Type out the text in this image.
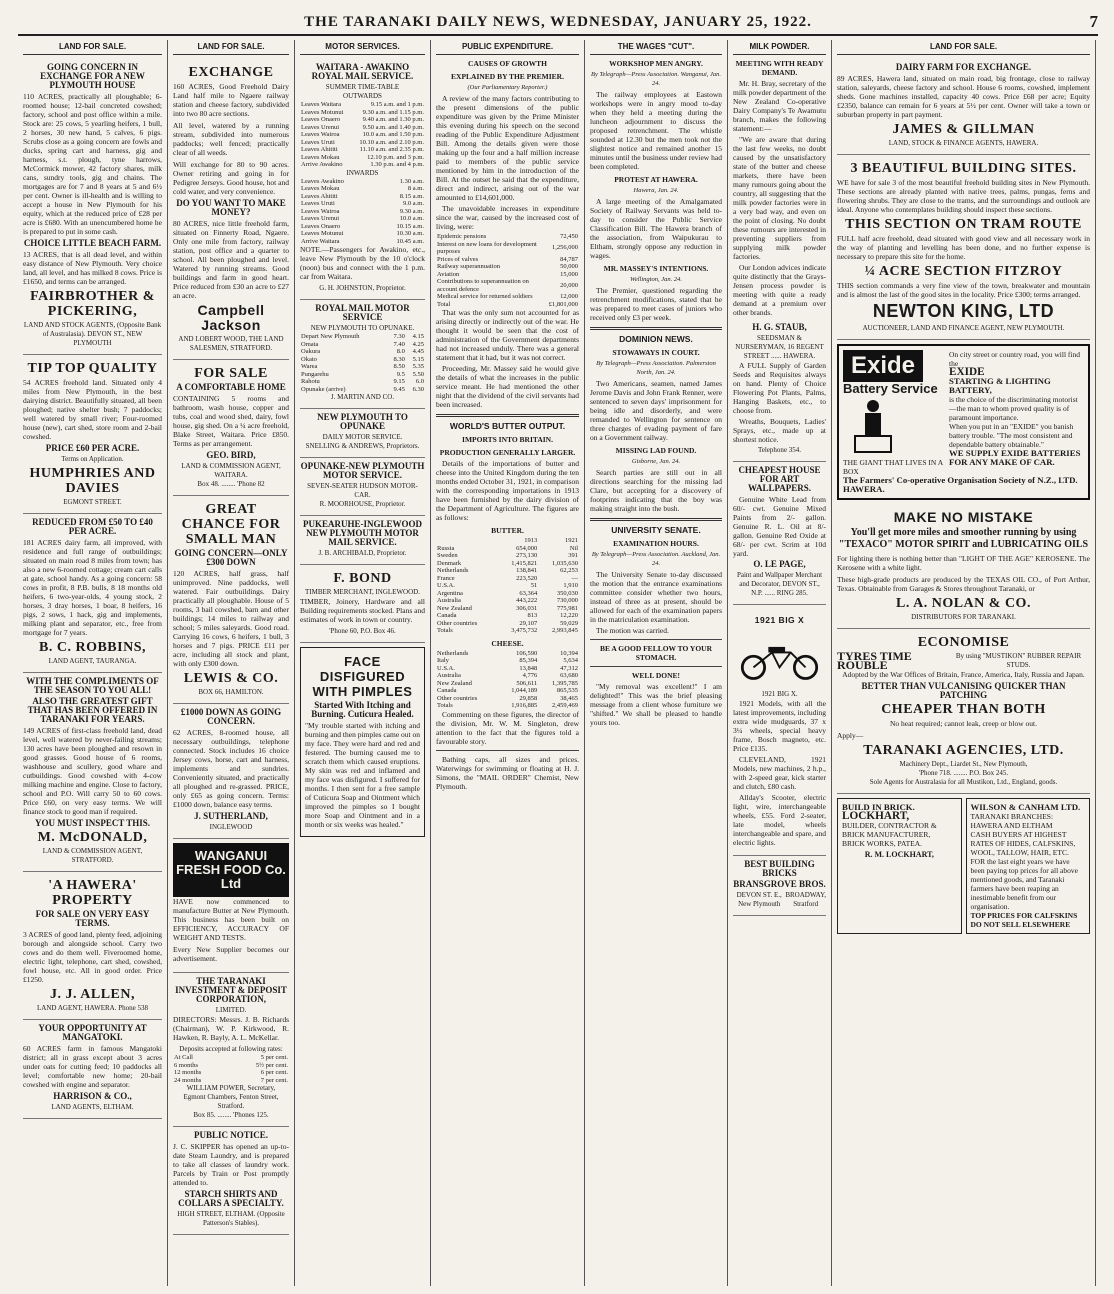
THE TARANAKI DAILY NEWS, WEDNESDAY, JANUARY 25, 1922.	7
LAND FOR SALE.
GOING CONCERN IN EXCHANGE FOR A NEW PLYMOUTH HOUSE

110 ACRES, practically all ploughable; 6-roomed house; 12-bail concreted cowshed; factory, school and post office within a mile. Stock are: 25 cows, 5 yearling heifers, 1 bull, 2 horses, 30 new hand, 5 calves, 6 pigs. Scrubs close as a going concern are fowls and ducks, spring cart and harness, gig and harness, s.t. plough, tyne harrows, McCormick mower, 42 factory shares, milk cans, sundry tools, gig and chains. The mortgages are for 7 and 8 years at 5 and 6½ per cent. Owner is ill-health and is willing to accept a house in New Plymouth for his equity, which at the reduced price of £28 per acre is £680. With an unencumbered home he is prepared to put in some cash.

CHOICE LITTLE BEACH FARM.

13 ACRES, that is all dead level, and within easy distance of New Plymouth. Very choice land, all level, and has milked 8 cows. Price is £1650, and terms can be arranged.

FAIRBROTHER & PICKERING,
LAND AND STOCK AGENTS, (Opposite Bank of Australasia). DEVON ST., NEW PLYMOUTH
TIP TOP QUALITY

54 ACRES freehold land. Situated only 4 miles from New Plymouth, in the best dairying district. Beautifully situated, all been ploughed; native shelter bush; 7 paddocks; well watered by small river; Four-roomed house (new), cart shed, store room and 2-bail cowshed.

PRICE £60 PER ACRE.
Terms on Application.
HUMPHRIES AND DAVIES
EGMONT STREET.
REDUCED FROM £50 TO £40 PER ACRE.

181 ACRES dairy farm, all improved, with residence and full range of outbuildings; situated on main road 8 miles from town; has also a new 6-roomed cottage; cream cart calls at gate, school handy. As a going concern: 58 cows in profit, 8 P.B. bulls, 8 18 months old heifers, 6 two-year-olds, 4 young stock, 2 horses, 3 dray horses, 1 boar, 8 heifers, 16 pigs, 2 sows, 1 hack, gig and implements, milking plant and separator, etc., free from mortgage for 7 years.

B. C. ROBBINS,
LAND AGENT, TAURANGA.
WITH THE COMPLIMENTS OF THE SEASON TO YOU ALL!
ALSO THE GREATEST GIFT THAT HAS BEEN OFFERED IN TARANAKI FOR YEARS.

149 ACRES of first-class freehold land, dead level, well watered by never-failing streams; 130 acres have been ploughed and resown in good grasses. Good house of 6 rooms, washhouse and scullery, good whare and cutbuildings. Good cowshed with 4-cow milking machine and engine. Close to factory, school and P.O. Will carry 50 to 60 cows. Price £60, on very easy terms. We will finance stock to good man if required.

YOU MUST INSPECT THIS.
M. McDONALD,
LAND & COMMISSION AGENT, STRATFORD.
'A HAWERA' PROPERTY
FOR SALE ON VERY EASY TERMS.

3 ACRES of good land, plenty feed, adjoining borough and alongside school. Carry two cows and do them well. Fiveroomed home, electric light, telephone, cart shed, cowshed, fowl house, etc. All in good order. Price £1250.

J. J. ALLEN,
LAND AGENT, HAWERA. Phone 538
YOUR OPPORTUNITY AT MANGATOKI.

60 ACRES farm in famous Mangatoki district; all in grass except about 3 acres under oats for cutting feed; 10 paddocks all level; comfortable new home; 20-bail cowshed with engine and separator.

HARRISON & CO.,
LAND AGENTS, ELTHAM.
LAND FOR SALE.
EXCHANGE

160 ACRES, Good Freehold Dairy Land half mile to Ngaere railway station and cheese factory, subdivided into two 80 acre sections.

All level, watered by a running stream, subdivided into numerous paddocks; well fenced; practically clear of all weeds.

Will exchange for 80 to 90 acres. Owner retiring and going in for Pedigree Jerseys. Good house, hot and cold water, and very convenience.

DO YOU WANT TO MAKE MONEY?

80 ACRES, nice little freehold farm, situated on Finnerty Road, Ngaere. Only one mile from factory, railway station, post office and a quarter to school. All been ploughed and level. Watered by running streams. Good buildings and farm in good heart. Price reduced from £30 an acre to £27 an acre.

Campbell Jackson
AND LOBERT WOOD, THE LAND SALESMEN, STRATFORD.
FOR SALE
A COMFORTABLE HOME

CONTAINING 5 rooms and bathroom, wash house, copper and tubs, coal and wood shed, dairy, fowl house, gig shed. On a ¼ acre freehold, Blake Street, Waitara. Price £850. Terms as per arrangement.

GEO. BIRD,
LAND & COMMISSION AGENT, WAITARA.
Box 48. ........ 'Phone 82
GREAT CHANCE FOR SMALL MAN
GOING CONCERN—ONLY £300 DOWN

120 ACRES, half grass, half unimproved. Nine paddocks, well watered. Fair outbuildings. Dairy practically all ploughable. House of 5 rooms, 3 bail cowshed, barn and other buildings; 14 miles to railway and school; 5 miles saleyards. Good road. Carrying 16 cows, 6 heifers, 1 bull, 3 horses and 7 pigs. PRICE £11 per acre, including all stock and plant, with only £300 down.

LEWIS & CO.
BOX 66, HAMILTON.
£1000 DOWN AS GOING CONCERN.

62 ACRES, 8-roomed house, all necessary outbuildings, telephone connected. Stock includes 16 choice Jersey cows, horse, cart and harness, implements and sundries. Conveniently situated, and practically all ploughed and re-grassed. PRICE, only £65 as going concern. Terms: £1000 down, balance easy terms.

J. SUTHERLAND,
INGLEWOOD
WANGANUI FRESH FOOD Co. Ltd

HAVE now commenced to manufacture Butter at New Plymouth. This business has been built on EFFICIENCY, ACCURACY OF WEIGHT AND TESTS.

Every New Supplier becomes our advertisement.

THE TARANAKI INVESTMENT & DEPOSIT CORPORATION,
LIMITED.

DIRECTORS: Messrs. J. B. Richards (Chairman), W. P. Kirkwood, R. Hawken, R. Bayly, A. L. McKellar.

Deposits accepted at following rates:
At Call	5 per cent.
6 months	5½ per cent.
12 months	6 per cent.
24 months	7 per cent.
WILLIAM POWER, Secretary,
Egmont Chambers, Fenton Street, Stratford.
Box 85. ........ 'Phones 125.
PUBLIC NOTICE.

J. C. SKIPPER has opened an up-to-date Steam Laundry, and is prepared to take all classes of laundry work. Parcels by Train or Post promptly attended to.

STARCH SHIRTS AND COLLARS A SPECIALTY.
HIGH STREET, ELTHAM. (Opposite Patterson's Stables).
MOTOR SERVICES.
WAITARA - AWAKINO ROYAL MAIL SERVICE.
SUMMER TIME-TABLE
OUTWARDS
Leaves Waitara	9.15 a.m. and 1 p.m.
Leaves Motunui	9.30 a.m. and 1.15 p.m.
Leaves Onaero	9.40 a.m. and 1.30 p.m.
Leaves Urenui	9.50 a.m. and 1.40 p.m.
Leaves Wairoa	10.0 a.m. and 1.50 p.m.
Leaves Uruti	10.10 a.m. and 2.10 p.m.
Leaves Ahititi	11.10 a.m. and 2.35 p.m.
Leaves Mokau	12.10 p.m. and 3 p.m.
Arrive Awakino	1.30 p.m. and 4 p.m.
INWARDS
Leaves Awakino	1.30 a.m.
Leaves Mokau	8 a.m.
Leaves Ahititi	8.15 a.m.
Leaves Uruti	9.0 a.m.
Leaves Wairoa	9.30 a.m.
Leaves Urenui	10.0 a.m.
Leaves Onaero	10.15 a.m.
Leaves Motunui	10.30 a.m.
Arrive Waitara	10.45 a.m.

NOTE.—Passengers for Awakino, etc., leave New Plymouth by the 10 o'clock (noon) bus and connect with the 1 p.m. car from Waitara.

G. H. JOHNSTON, Proprietor.
ROYAL MAIL MOTOR SERVICE
NEW PLYMOUTH TO OPUNAKE.
Depart New Plymouth	7.30	4.15
Omata	7.40	4.25
Oakura	8.0	4.45
Okato	8.30	5.15
Warea	8.50	5.35
Pungarehu	9.5	5.50
Rahotu	9.15	6.0
Opunake (arrive)	9.45	6.30
J. MARTIN AND CO.
NEW PLYMOUTH TO OPUNAKE
DAILY MOTOR SERVICE.
SNELLING & ANDREWS, Proprietors.
OPUNAKE-NEW PLYMOUTH MOTOR SERVICE.
SEVEN-SEATER HUDSON MOTOR-CAR.
R. MOORHOUSE, Proprietor.
PUKEARUHE-INGLEWOOD NEW PLYMOUTH MOTOR MAIL SERVICE.
J. B. ARCHIBALD, Proprietor.
F. BOND
TIMBER MERCHANT, INGLEWOOD.

TIMBER, Joinery, Hardware and all Building requirements stocked. Plans and estimates of work in town or country.

'Phone 60, P.O. Box 46.
FACE DISFIGURED WITH PIMPLES
Started With Itching and Burning. Cuticura Healed.

"My trouble started with itching and burning and then pimples came out on my face. They were hard and red and festered. The burning caused me to scratch them which caused eruptions. My skin was red and inflamed and my face was disfigured. I suffered for months. I then sent for a free sample of Cuticura Soap and Ointment which improved the pimples so I bought more Soap and Ointment and in a month or six weeks was healed."

PUBLIC EXPENDITURE.
CAUSES OF GROWTH
EXPLAINED BY THE PREMIER.
(Our Parliamentary Reporter.)

A review of the many factors contributing to the present dimensions of the public expenditure was given by the Prime Minister this evening during his speech on the second reading of the Public Expenditure Adjustment Bill. Among the details given were those making up the four and a half million increase paid to members of the public service mentioned by him in the introduction of the Bill. At the outset he said that the expenditure, direct and indirect, arising out of the war amounted to £14,601,000.

The unavoidable increases in expenditure since the war, caused by the increased cost of living, were:

Epidemic pensions	72,450
Interest on new loans for development purposes	1,256,000
Prices of valves	84,787
Railway superannuation	50,000
Aviation	15,000
Contributions to superannuation on account defence	20,000
Medical service for returned soldiers	12,000
Total	£1,801,000

That was the only sum not accounted for as arising directly or indirectly out of the war. He thought it would be seen that the cost of administration of the Government departments had not increased unduly. There was a general statement that it had, but it was not correct.

Proceeding, Mr. Massey said he would give the details of what the increases in the public service meant. He had mentioned the other night that the dividend of the civil servants had been increased.

WORLD'S BUTTER OUTPUT.
IMPORTS INTO BRITAIN.
PRODUCTION GENERALLY LARGER.

Details of the importations of butter and cheese into the United Kingdom during the ten months ended October 31, 1921, in comparison with the corresponding importations in 1913 have been furnished by the dairy division of the Department of Agriculture. The figures are as follows:

BUTTER.
	1913	1921
Russia	654,000	Nil
Sweden	273,130	391
Denmark	1,415,821	1,035,630
Netherlands	138,841	62,253
France	223,520	—
U.S.A.	51	1,910
Argentina	63,364	350,030
Australia	443,222	730,000
New Zealand	306,031	775,981
Canada	813	12,220
Other countries	29,107	59,029
Totals	3,475,732	2,993,845
CHEESE.
Netherlands	106,590	10,394
Italy	85,394	5,634
U.S.A.	13,848	47,312
Australia	4,776	63,680
New Zealand	506,611	1,395,785
Canada	1,044,189	865,535
Other countries	29,858	38,465
Totals	1,916,885	2,459,469

Commenting on these figures, the director of the division, Mr. W. M. Singleton, drew attention to the fact that the figures told a favourable story.

Bathing caps, all sizes and prices. Waterwings for swimming or floating at H. J. Simons, the "MAIL ORDER" Chemist, New Plymouth.

THE WAGES "CUT".
WORKSHOP MEN ANGRY.
By Telegraph—Press Association. Wanganui, Jan. 24.

The railway employees at Eastown workshops were in angry mood to-day when they held a meeting during the luncheon adjournment to discuss the proposed retrenchment. The whistle sounded at 12.30 but the men took not the slightest notice and remained another 15 minutes until the business under review had been completed.

PROTEST AT HAWERA.
Hawera, Jan. 24.

A large meeting of the Amalgamated Society of Railway Servants was held to-day to consider the Public Service Classification Bill. The Hawera branch of the association, from Waipukurau to Eltham, strongly oppose any reduction in wages.

MR. MASSEY'S INTENTIONS.
Wellington, Jan. 24.

The Premier, questioned regarding the retrenchment modifications, stated that he was prepared to meet cases of juniors who received only £3 per week.

DOMINION NEWS.
STOWAWAYS IN COURT.
By Telegraph—Press Association. Palmerston North, Jan. 24.

Two Americans, seamen, named James Jerome Davis and John Frank Renner, were sentenced to seven days' imprisonment for being idle and disorderly, and were remanded to Wellington for sentence on three charges of evading payment of fare on a Government railway.

MISSING LAD FOUND.
Gisborne, Jan. 24.

Search parties are still out in all directions searching for the missing lad Clare, but accepting for a discovery of footprints indicating that the boy was making straight into the bush.

UNIVERSITY SENATE.
EXAMINATION HOURS.
By Telegraph—Press Association. Auckland, Jan. 24.

The University Senate to-day discussed the motion that the entrance examinations committee consider whether two hours, instead of three as at present, should be allowed for each of the examination papers in the matriculation examination.

The motion was carried.

BE A GOOD FELLOW TO YOUR STOMACH.
WELL DONE!

"My removal was excellent!" I am delighted!" This was the brief pleasing message from a client whose furniture we "shifted." We shall be pleased to handle yours too.

MILK POWDER.
MEETING WITH READY DEMAND.

Mr. H. Bray, secretary of the milk powder department of the New Zealand Co-operative Dairy Company's Te Awamutu branch, makes the following statement:—

"We are aware that during the last few weeks, no doubt caused by the unsatisfactory state of the butter and cheese markets, there have been many rumours going about the country, all suggesting that the milk powder factories were in a very bad way, and even on the point of closing. No doubt these rumours are interested in preventing suppliers from supplying milk powder factories.

Our London advices indicate quite distinctly that the Grays-Jensen process powder is meeting with quite a ready demand at a premium over other brands.

H. G. STAUB,
SEEDSMAN & NURSERYMAN, 16 REGENT STREET ...... HAWERA.

A FULL Supply of Garden Seeds and Requisites always on hand. Plenty of Choice Flowering Pot Plants, Palms, Hanging Baskets, etc., to choose from.

Wreaths, Bouquets, Ladies' Sprays, etc., made up at shortest notice.

Telephone 354.
CHEAPEST HOUSE FOR ART WALLPAPERS.

Genuine White Lead from 60/- cwt. Genuine Mixed Paints from 2/- gallon. Genuine R. L. Oil at 8/- gallon. Genuine Red Oxide at 68/- per cwt. Scrim at 10d yard.

O. LE PAGE,
Paint and Wallpaper Merchant and Decorator, DEVON ST., N.P. ...... RING 285.
1921 BIG X
1921 BIG X.

1921 Models, with all the latest improvements, including extra wide mudguards, 37 x 3¼ wheels, special heavy frame, Bosch magneto, etc. Price £135.

CLEVELAND, 1921 Models, new machines, 2 h.p., with 2-speed gear, kick starter and clutch, £80 cash.

Allday's Scooter, electric light, wire, interchangeable wheels, £55. Ford 2-seater, late model, wheels interchangeable and spare, and electric lights.

BEST BUILDING BRICKS
BRANSGROVE BROS.
DEVON ST. E., New Plymouth
BROADWAY, Stratford
LAND FOR SALE.
DAIRY FARM FOR EXCHANGE.

89 ACRES, Hawera land, situated on main road, big frontage, close to railway station, saleyards, cheese factory and school. House 6 rooms, cowshed, implement sheds. Gone machines installed, capacity 40 cows. Price £68 per acre; Equity £2350, balance can remain for 6 years at 5½ per cent. Owner will take a town or suburban property in part payment.

JAMES & GILLMAN
LAND, STOCK & FINANCE AGENTS, HAWERA.
3 BEAUTIFUL BUILDING SITES.

WE have for sale 3 of the most beautiful freehold building sites in New Plymouth. These sections are already planted with native trees, palms, pungas, ferns and flowering shrubs. They are close to the trams, and the surroundings and outlook are ideal. Anyone who contemplates building should inspect these sections.

THIS SECTION ON TRAM ROUTE

FULL half acre freehold, dead situated with good view and all necessary work in the way of planting and levelling has been done, and no further expense is necessary to prepare this site for the home.

¼ ACRE SECTION FITZROY

THIS section commands a very fine view of the town, breakwater and mountain and is almost the last of the good sites in the locality. Price £300; terms arranged.

NEWTON KING, LTD
AUCTIONEER, LAND AND FINANCE AGENT, NEW PLYMOUTH.
Exide
Battery Service
THE GIANT THAT LIVES IN A BOX

On city street or country road, you will find the

EXIDE
STARTING & LIGHTING BATTERY,

is the choice of the discriminating motorist—the man to whom proved quality is of paramount importance.

When you put in an "EXIDE" you banish battery trouble. "The most consistent and dependable battery obtainable."

WE SUPPLY EXIDE BATTERIES FOR ANY MAKE OF CAR.
The Farmers' Co-operative Organisation Society of N.Z., LTD. HAWERA.
MAKE NO MISTAKE

You'll get more miles and smoother running by using "TEXACO" MOTOR SPIRIT and LUBRICATING OILS

For lighting there is nothing better than "LIGHT OF THE AGE" KEROSENE. The Kerosene with a white light.

These high-grade products are produced by the TEXAS OIL CO., of Port Arthur, Texas. Obtainable from Garages & Stores throughout Taranaki, or

L. A. NOLAN & CO.
DISTRIBUTORS FOR TARANAKI.
ECONOMISE
TYRES TIME ROUBLE
By using "MUSTIKON" RUBBER REPAIR STUDS.

Adopted by the War Offices of Britain, France, America, Italy, Russia and Japan.

BETTER THAN VULCANISING QUICKER THAN PATCHING
CHEAPER THAN BOTH

No heat required; cannot leak, creep or blow out.

Apply—

TARANAKI AGENCIES, LTD.
Machinery Dept., Liardet St., New Plymouth,
'Phone 718. ........ P.O. Box 245.
Sole Agents for Australasia for all Mustikon, Ltd., England, goods.
BUILD IN BRICK.
LOCKHART,
BUILDER, CONTRACTOR & BRICK MANUFACTURER,
BRICK WORKS, PATEA.
R. M. LOCKHART,
WILSON & CANHAM LTD.
TARANAKI BRANCHES: HAWERA AND ELTHAM
CASH BUYERS AT HIGHEST RATES OF HIDES, CALFSKINS, WOOL, TALLOW, HAIR, ETC.

FOR the last eight years we have been paying top prices for all above mentioned goods, and Taranaki farmers have been reaping an inestimable benefit from our organisation.

TOP PRICES FOR CALFSKINS DO NOT SELL ELSEWHERE
